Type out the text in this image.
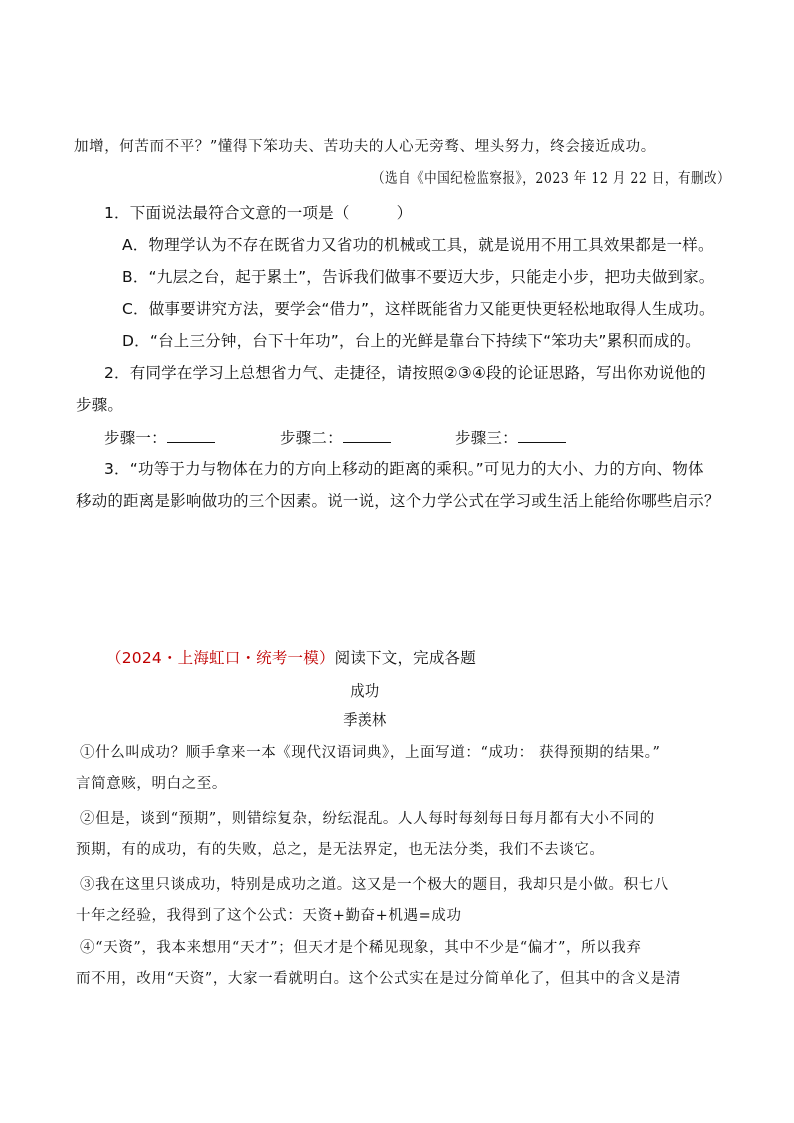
加增，何苦而不平？”懂得下笨功夫、苦功夫的人心无旁骛、埋头努力，终会接近成功。
（选自《中国纪检监察报》，2023 年 12 月 22 日，有删改）
1．下面说法最符合文意的一项是（　　　）
A．物理学认为不存在既省力又省功的机械或工具，就是说用不用工具效果都是一样。
B．“九层之台，起于累土”，告诉我们做事不要迈大步，只能走小步，把功夫做到家。
C．做事要讲究方法，要学会“借力”，这样既能省力又能更快更轻松地取得人生成功。
D．“台上三分钟，台下十年功”，台上的光鲜是靠台下持续下“笨功夫”累积而成的。
2．有同学在学习上总想省力气、走捷径，请按照②③④段的论证思路，写出你劝说他的
步骤。
步骤一：	步骤二：	步骤三：
3．“功等于力与物体在力的方向上移动的距离的乘积。”可见力的大小、力的方向、物体
移动的距离是影响做功的三个因素。说一说，这个力学公式在学习或生活上能给你哪些启示？
（2024・上海虹口・统考一模）阅读下文，完成各题
成功
季羡林
①什么叫成功？顺手拿来一本《现代汉语词典》，上面写道：“成功： 获得预期的结果。”
言简意赅，明白之至。
②但是，谈到“预期”，则错综复杂，纷纭混乱。人人每时每刻每日每月都有大小不同的
预期，有的成功，有的失败，总之，是无法界定，也无法分类，我们不去谈它。
③我在这里只谈成功，特别是成功之道。这又是一个极大的题目，我却只是小做。积七八
十年之经验，我得到了这个公式：天资+勤奋+机遇=成功
④“天资”，我本来想用“天才”；但天才是个稀见现象，其中不少是“偏才”，所以我弃
而不用，改用“天资”，大家一看就明白。这个公式实在是过分简单化了，但其中的含义是清
